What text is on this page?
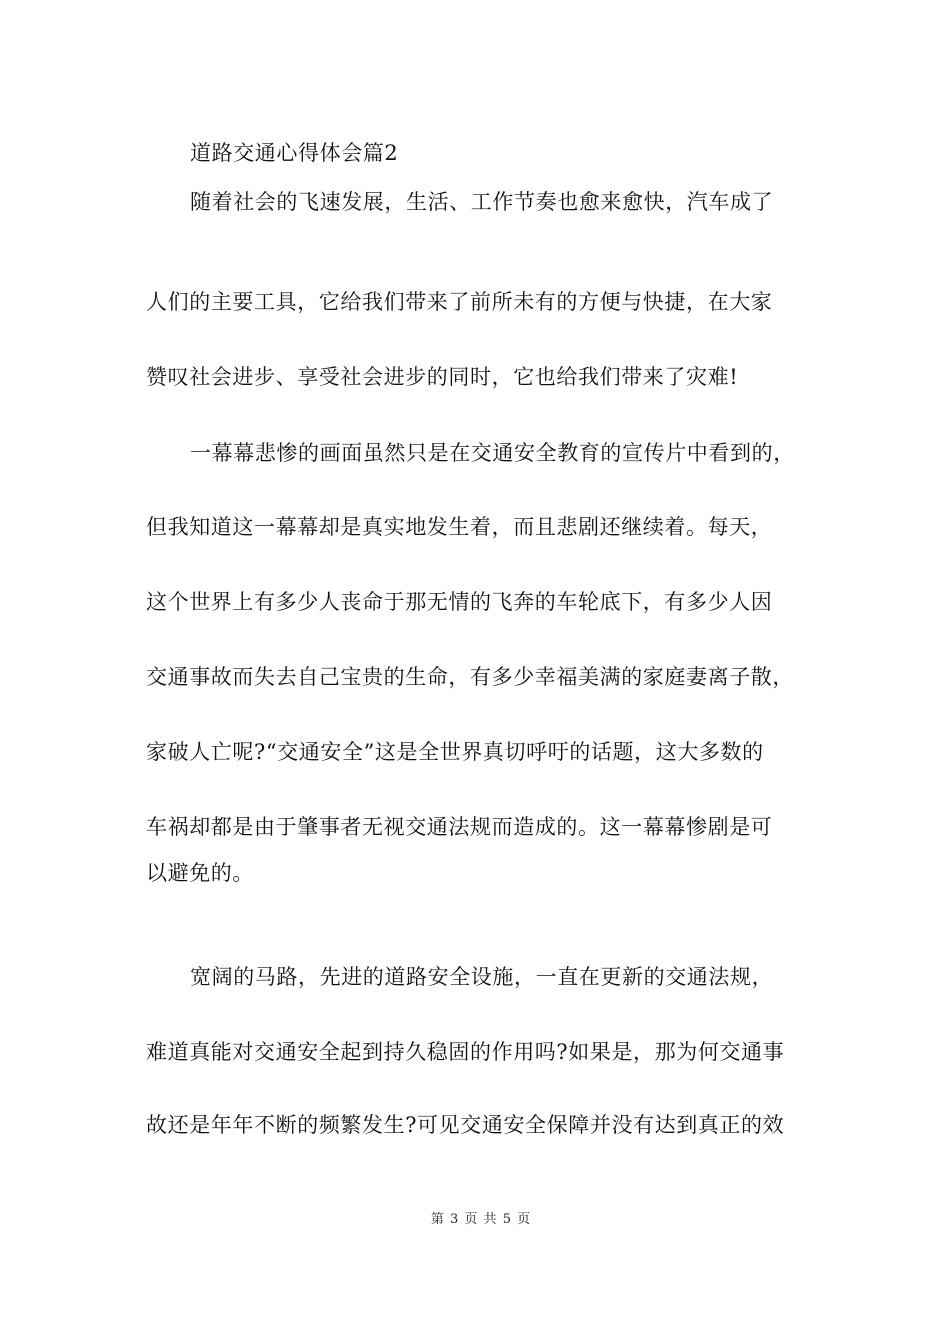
道路交通心得体会篇2
随着社会的飞速发展，生活、工作节奏也愈来愈快，汽车成了
人们的主要工具，它给我们带来了前所未有的方便与快捷，在大家
赞叹社会进步、享受社会进步的同时，它也给我们带来了灾难!
一幕幕悲惨的画面虽然只是在交通安全教育的宣传片中看到的，
但我知道这一幕幕却是真实地发生着，而且悲剧还继续着。每天，
这个世界上有多少人丧命于那无情的飞奔的车轮底下，有多少人因
交通事故而失去自己宝贵的生命，有多少幸福美满的家庭妻离子散，
家破人亡呢?“交通安全”这是全世界真切呼吁的话题，这大多数的
车祸却都是由于肇事者无视交通法规而造成的。这一幕幕惨剧是可
以避免的。
宽阔的马路，先进的道路安全设施，一直在更新的交通法规，
难道真能对交通安全起到持久稳固的作用吗?如果是，那为何交通事
故还是年年不断的频繁发生?可见交通安全保障并没有达到真正的效
第 3 页 共 5 页
